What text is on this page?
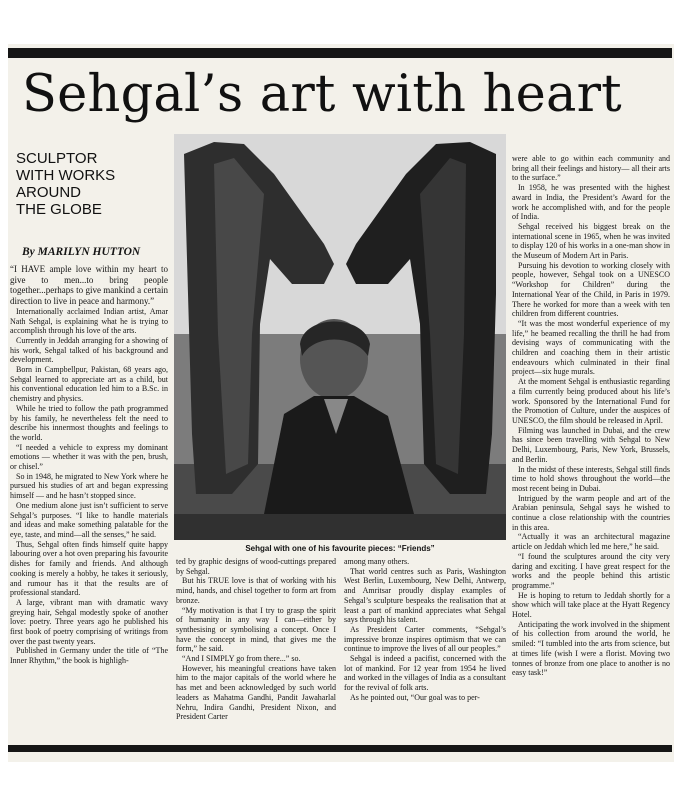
Sehgal’s art with heart
SCULPTOR
WITH WORKS
AROUND
THE GLOBE
By MARILYN HUTTON

“I HAVE ample love within my heart to give to men...to bring people together...perhaps to give mankind a certain direction to live in peace and harmony.”

Internationally acclaimed Indian artist, Amar Nath Sehgal, is explaining what he is trying to accomplish through his love of the arts.

Currently in Jeddah arranging for a showing of his work, Sehgal talked of his background and development.

Born in Campbellpur, Pakistan, 68 years ago, Sehgal learned to appreciate art as a child, but his conventional education led him to a B.Sc. in chemistry and physics.

While he tried to follow the path programmed by his family, he nevertheless felt the need to describe his innermost thoughts and feelings to the world.

“I needed a vehicle to express my dominant emotions — whether it was with the pen, brush, or chisel.”

So in 1948, he migrated to New York where he pursued his studies of art and began expressing himself — and he hasn’t stopped since.

One medium alone just isn’t sufficient to serve Sehgal’s purposes. “I like to handle materials and ideas and make something palatable for the eye, taste, and mind—all the senses,” he said.

Thus, Sehgal often finds himself quite happy labouring over a hot oven preparing his favourite dishes for family and friends. And although cooking is merely a hobby, he takes it seriously, and rumour has it that the results are of professional standard.

A large, vibrant man with dramatic wavy greying hair, Sehgal modestly spoke of another love: poetry. Three years ago he published his first book of poetry comprising of writings from over the past twenty years.

Published in Germany under the title of “The Inner Rhythm,” the book is highligh-

Sehgal with one of his favourite pieces: “Friends”

ted by graphic designs of wood-cuttings prepared by Sehgal.

But his TRUE love is that of working with his mind, hands, and chisel together to form art from bronze.

“My motivation is that I try to grasp the spirit of humanity in any way I can—either by synthesising or symbolising a concept. Once I have the concept in mind, that gives me the form,” he said.

“And I SIMPLY go from there...” so.

However, his meaningful creations have taken him to the major capitals of the world where he has met and been acknowledged by such world leaders as Mahatma Gandhi, Pandit Jawaharlal Nehru, Indira Gandhi, President Nixon, and President Carter

among many others.

That world centres such as Paris, Washington West Berlin, Luxembourg, New Delhi, Antwerp, and Amritsar proudly display examples of Sehgal’s sculpture bespeaks the realisation that at least a part of mankind appreciates what Sehgal says through his talent.

As President Carter comments, “Sehgal’s impressive bronze inspires optimism that we can continue to improve the lives of all our peoples.”

Sehgal is indeed a pacifist, concerned with the lot of mankind. For 12 year from 1954 he lived and worked in the villages of India as a consultant for the revival of folk arts.

As he pointed out, “Our goal was to per-

were able to go within each community and bring all their feelings and history— all their arts to the surface.”

In 1958, he was presented with the highest award in India, the President’s Award for the work he accomplished with, and for the people of India.

Sehgal received his biggest break on the international scene in 1965, when he was invited to display 120 of his works in a one-man show in the Museum of Modern Art in Paris.

Pursuing his devotion to working closely with people, however, Sehgal took on a UNESCO “Workshop for Children” during the International Year of the Child, in Paris in 1979. There he worked for more than a week with ten children from different countries.

“It was the most wonderful experience of my life,” he beamed recalling the thrill he had from devising ways of communicating with the children and coaching them in their artistic endeavours which culminated in their final project—six huge murals.

At the moment Sehgal is enthusiastic regarding a film currently being produced about his life’s work. Sponsored by the International Fund for the Promotion of Culture, under the auspices of UNESCO, the film should be released in April.

Filming was launched in Dubai, and the crew has since been travelling with Sehgal to New Delhi, Luxembourg, Paris, New York, Brussels, and Berlin.

In the midst of these interests, Sehgal still finds time to hold shows throughout the world—the most recent being in Dubai.

Intrigued by the warm people and art of the Arabian peninsula, Sehgal says he wished to continue a close relationship with the countries in this area.

“Actually it was an architectural magazine article on Jeddah which led me here,” he said.

“I found the sculptures around the city very daring and exciting. I have great respect for the works and the people behind this artistic programme.”

He is hoping to return to Jeddah shortly for a show which will take place at the Hyatt Regency Hotel.

Anticipating the work involved in the shipment of his collection from around the world, he smiled: “I tumbled into the arts from science, but at times life (wish I were a florist. Moving two tonnes of bronze from one place to another is no easy task!”
